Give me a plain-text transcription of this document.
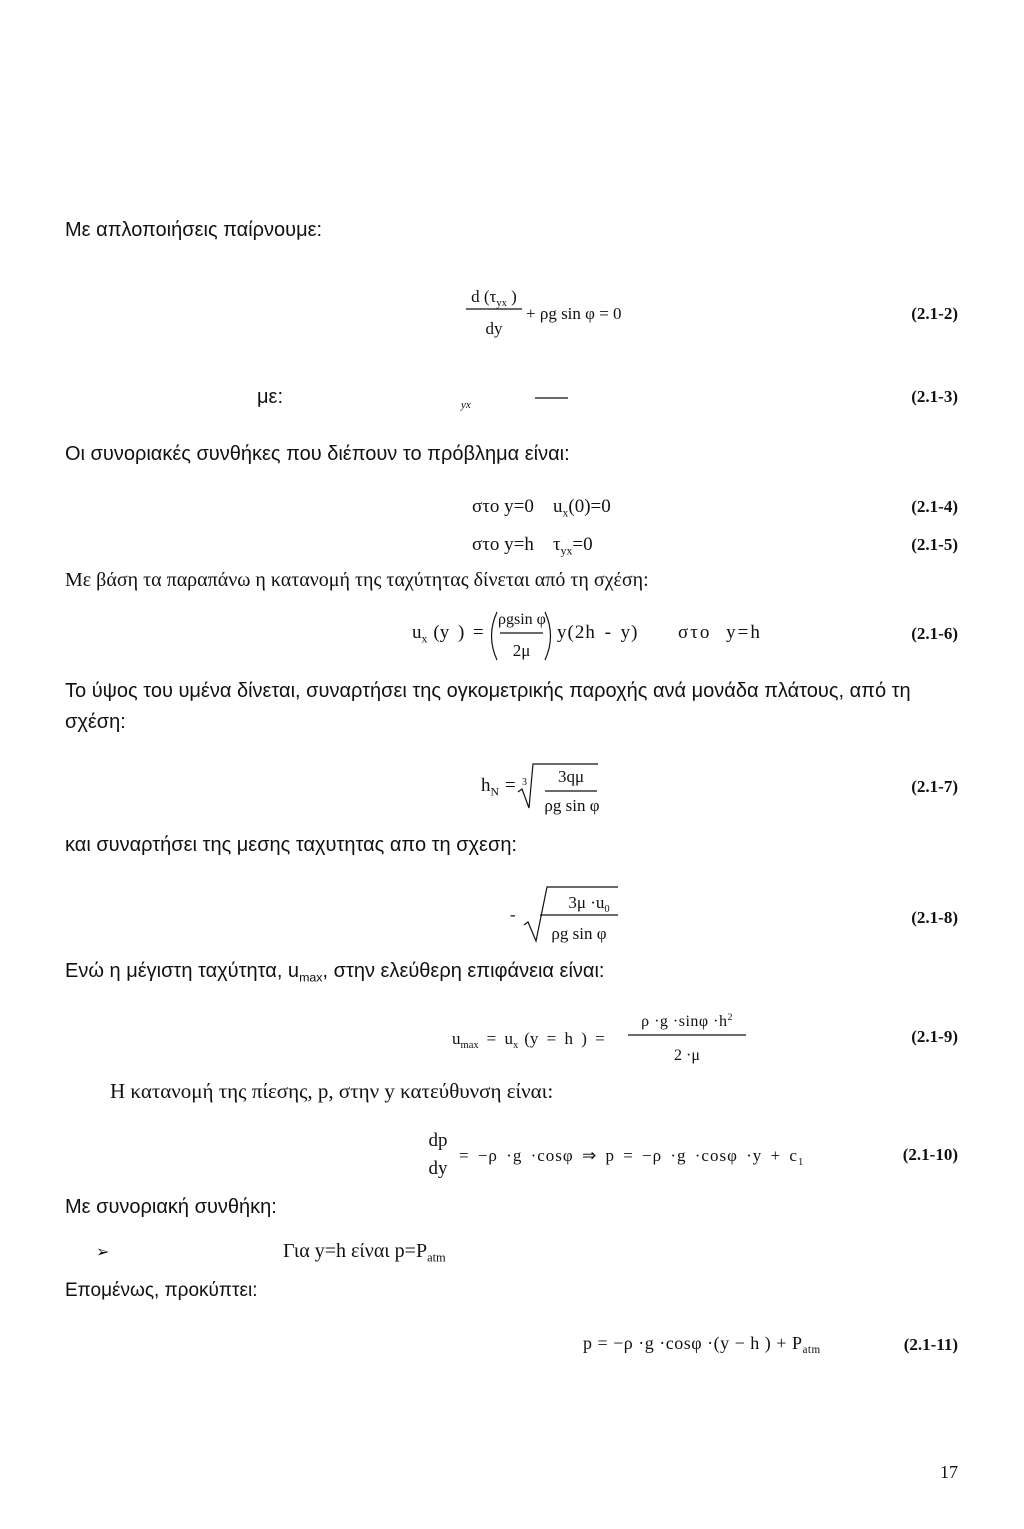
Με απλοποιήσεις παίρνουμε:
d ($\tau_{yx}$ )
dy
+ ρg sin φ = 0	(2.1-2)
με:	yx	(2.1-3)
Οι συνοριακές συνθήκες που διέπουν το πρόβλημα είναι:
στο y=0 $u_x(0)=0$	(2.1-4)
στο y=h $\tau_{yx}=0$	(2.1-5)
Με βάση τα παραπάνω η κατανομή της ταχύτητας δίνεται από τη σχέση:
$u_x$ (y ) =
ρgsin φ
2μ
y(2h - y) στο y=h	(2.1-6)
Το ύψος του υμένα δίνεται, συναρτήσει της ογκομετρικής παροχής ανά μονάδα πλάτους, από τη
σχέση:
$h_N = 3$	3qμ
ρg sin φ
(2.1-7)
και συναρτήσει της μεσης ταχυτητας απο τη σχεση:
-
$3\mu \cdot u_0$
ρg sin φ
(2.1-8)
Ενώ η μέγιστη ταχύτητα, $u_{max}$, στην ελεύθερη επιφάνεια είναι:
$u_{max} = u_x$ (y = h ) =
$\rho \cdot g \cdot\sin\varphi \cdot h^2$
2 ·μ
(2.1-9)
Η κατανομή της πίεσης, p, στην y κατεύθυνση είναι:
dp
dy
= −ρ ·g ·cosφ ⇒ $p = -\rho \cdot g \cdot\cos\varphi \cdot y + c_1$	(2.1-10)
Με συνοριακή συνθήκη:
➢	Για y=h είναι $p=P_{atm}$
Επομένως, προκύπτει:
p = −ρ ·g ·cosφ ·(y − h ) + $P_{atm}$	(2.1-11)
17
